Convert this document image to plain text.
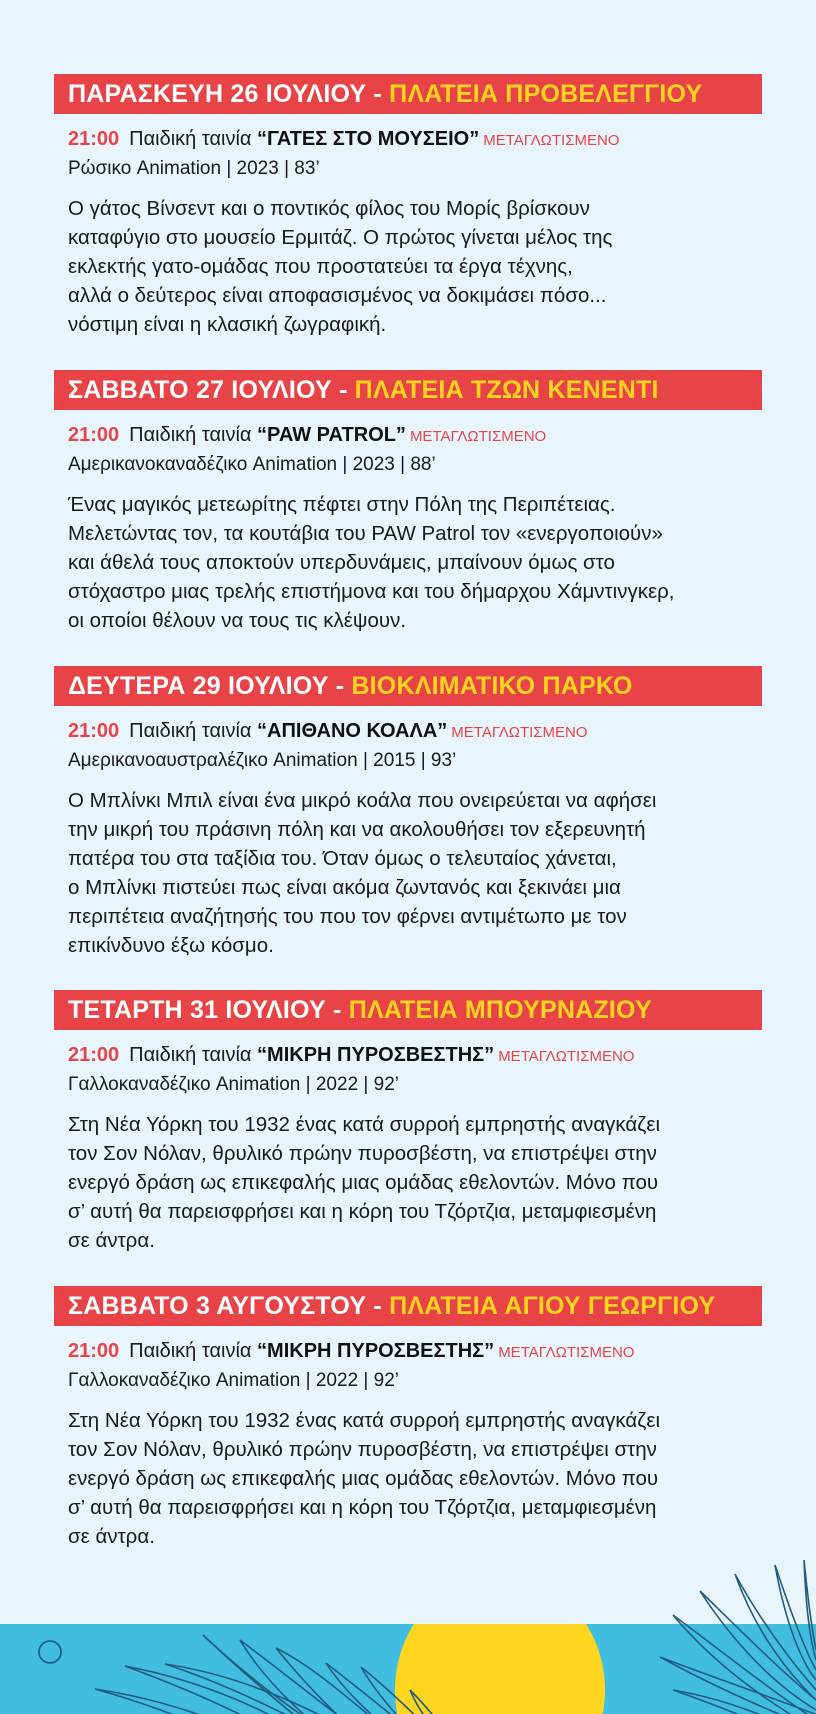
ΠΑΡΑΣΚΕΥΗ 26 ΙΟΥΛΙΟΥ - ΠΛΑΤΕΙΑ ΠΡΟΒΕΛΕΓΓΙΟΥ
21:00 Παιδική ταινία “ΓΑΤΕΣ ΣΤΟ ΜΟΥΣΕΙΟ” ΜΕΤΑΓΛΩΤΙΣΜΕΝΟ
Ρώσικο Animation | 2023 | 83’
Ο γάτος Βίνσεντ και ο ποντικός φίλος του Μορίς βρίσκουν
καταφύγιο στο μουσείο Ερμιτάζ. Ο πρώτος γίνεται μέλος της
εκλεκτής γατο-ομάδας που προστατεύει τα έργα τέχνης,
αλλά ο δεύτερος είναι αποφασισμένος να δοκιμάσει πόσο...
νόστιμη είναι η κλασική ζωγραφική.
ΣΑΒΒΑΤΟ 27 ΙΟΥΛΙΟΥ - ΠΛΑΤΕΙΑ ΤΖΩΝ ΚΕΝΕΝΤΙ
21:00 Παιδική ταινία “PAW PATROL” ΜΕΤΑΓΛΩΤΙΣΜΕΝΟ
Αμερικανοκαναδέζικο Animation | 2023 | 88’
Ένας μαγικός μετεωρίτης πέφτει στην Πόλη της Περιπέτειας.
Μελετώντας τον, τα κουτάβια του PAW Patrol τον «ενεργοποιούν»
και άθελά τους αποκτούν υπερδυνάμεις, μπαίνουν όμως στο
στόχαστρο μιας τρελής επιστήμονα και του δήμαρχου Χάμντινγκερ,
οι οποίοι θέλουν να τους τις κλέψουν.
ΔΕΥΤΕΡΑ 29 ΙΟΥΛΙΟΥ - ΒΙΟΚΛΙΜΑΤΙΚΟ ΠΑΡΚΟ
21:00 Παιδική ταινία “ΑΠΙΘΑΝΟ ΚΟΑΛΑ” ΜΕΤΑΓΛΩΤΙΣΜΕΝΟ
Αμερικανοαυστραλέζικο Animation | 2015 | 93’
Ο Μπλίνκι Μπιλ είναι ένα μικρό κοάλα που ονειρεύεται να αφήσει
την μικρή του πράσινη πόλη και να ακολουθήσει τον εξερευνητή
πατέρα του στα ταξίδια του. Όταν όμως ο τελευταίος χάνεται,
ο Μπλίνκι πιστεύει πως είναι ακόμα ζωντανός και ξεκινάει μια
περιπέτεια αναζήτησής του που τον φέρνει αντιμέτωπο με τον
επικίνδυνο έξω κόσμο.
ΤΕΤΑΡΤΗ 31 ΙΟΥΛΙΟΥ - ΠΛΑΤΕΙΑ ΜΠΟΥΡΝΑΖΙΟΥ
21:00 Παιδική ταινία “ΜΙΚΡΗ ΠΥΡΟΣΒΕΣΤΗΣ” ΜΕΤΑΓΛΩΤΙΣΜΕΝΟ
Γαλλοκαναδέζικο Animation | 2022 | 92’
Στη Νέα Υόρκη του 1932 ένας κατά συρροή εμπρηστής αναγκάζει
τον Σον Νόλαν, θρυλικό πρώην πυροσβέστη, να επιστρέψει στην
ενεργό δράση ως επικεφαλής μιας ομάδας εθελοντών. Μόνο που
σ’ αυτή θα παρεισφρήσει και η κόρη του Τζόρτζια, μεταμφιεσμένη
σε άντρα.
ΣΑΒΒΑΤΟ 3 ΑΥΓΟΥΣΤΟΥ - ΠΛΑΤΕΙΑ ΑΓΙΟΥ ΓΕΩΡΓΙΟΥ
21:00 Παιδική ταινία “ΜΙΚΡΗ ΠΥΡΟΣΒΕΣΤΗΣ” ΜΕΤΑΓΛΩΤΙΣΜΕΝΟ
Γαλλοκαναδέζικο Animation | 2022 | 92’
Στη Νέα Υόρκη του 1932 ένας κατά συρροή εμπρηστής αναγκάζει
τον Σον Νόλαν, θρυλικό πρώην πυροσβέστη, να επιστρέψει στην
ενεργό δράση ως επικεφαλής μιας ομάδας εθελοντών. Μόνο που
σ’ αυτή θα παρεισφρήσει και η κόρη του Τζόρτζια, μεταμφιεσμένη
σε άντρα.
